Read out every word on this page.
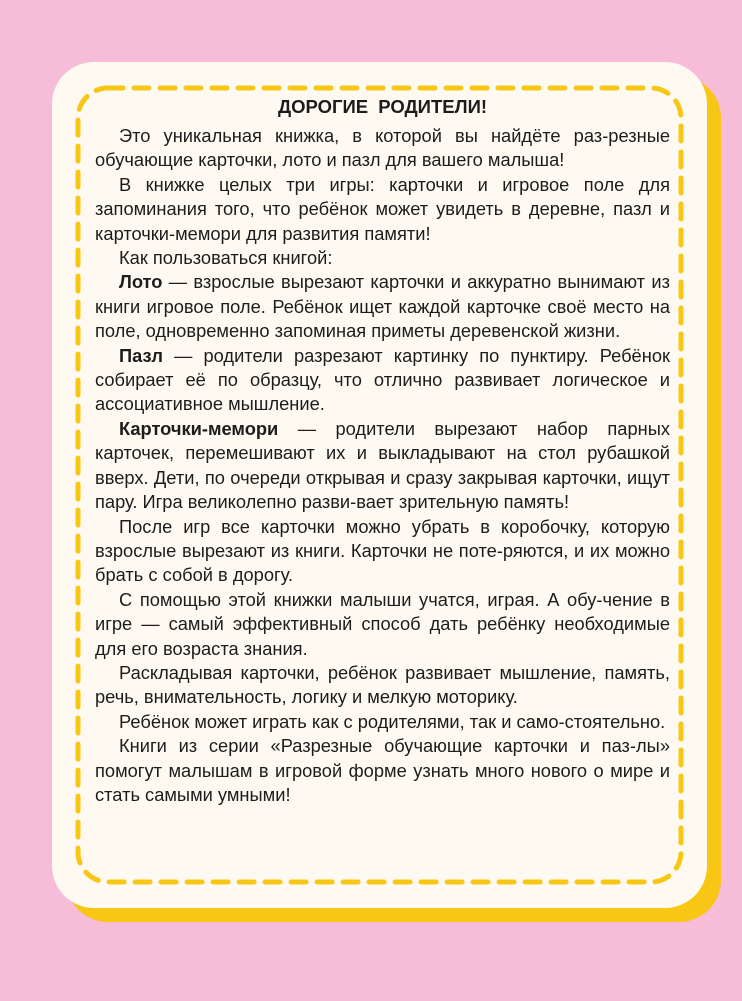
ДОРОГИЕ РОДИТЕЛИ!

Это уникальная книжка, в которой вы найдёте раз-резные обучающие карточки, лото и пазл для вашего малыша!

В книжке целых три игры: карточки и игровое поле для запоминания того, что ребёнок может увидеть в деревне, пазл и карточки-мемори для развития памяти!

Как пользоваться книгой:

Лото — взрослые вырезают карточки и аккуратно вынимают из книги игровое поле. Ребёнок ищет каждой карточке своё место на поле, одновременно запоминая приметы деревенской жизни.

Пазл — родители разрезают картинку по пунктиру. Ребёнок собирает её по образцу, что отлично развивает логическое и ассоциативное мышление.

Карточки-мемори — родители вырезают набор парных карточек, перемешивают их и выкладывают на стол рубашкой вверх. Дети, по очереди открывая и сразу закрывая карточки, ищут пару. Игра великолепно разви-вает зрительную память!

После игр все карточки можно убрать в коробочку, которую взрослые вырезают из книги. Карточки не поте-ряются, и их можно брать с собой в дорогу.

С помощью этой книжки малыши учатся, играя. А обу-чение в игре — самый эффективный способ дать ребёнку необходимые для его возраста знания.

Раскладывая карточки, ребёнок развивает мышление, память, речь, внимательность, логику и мелкую моторику.

Ребёнок может играть как с родителями, так и само-стоятельно.

Книги из серии «Разрезные обучающие карточки и паз-лы» помогут малышам в игровой форме узнать много нового о мире и стать самыми умными!
